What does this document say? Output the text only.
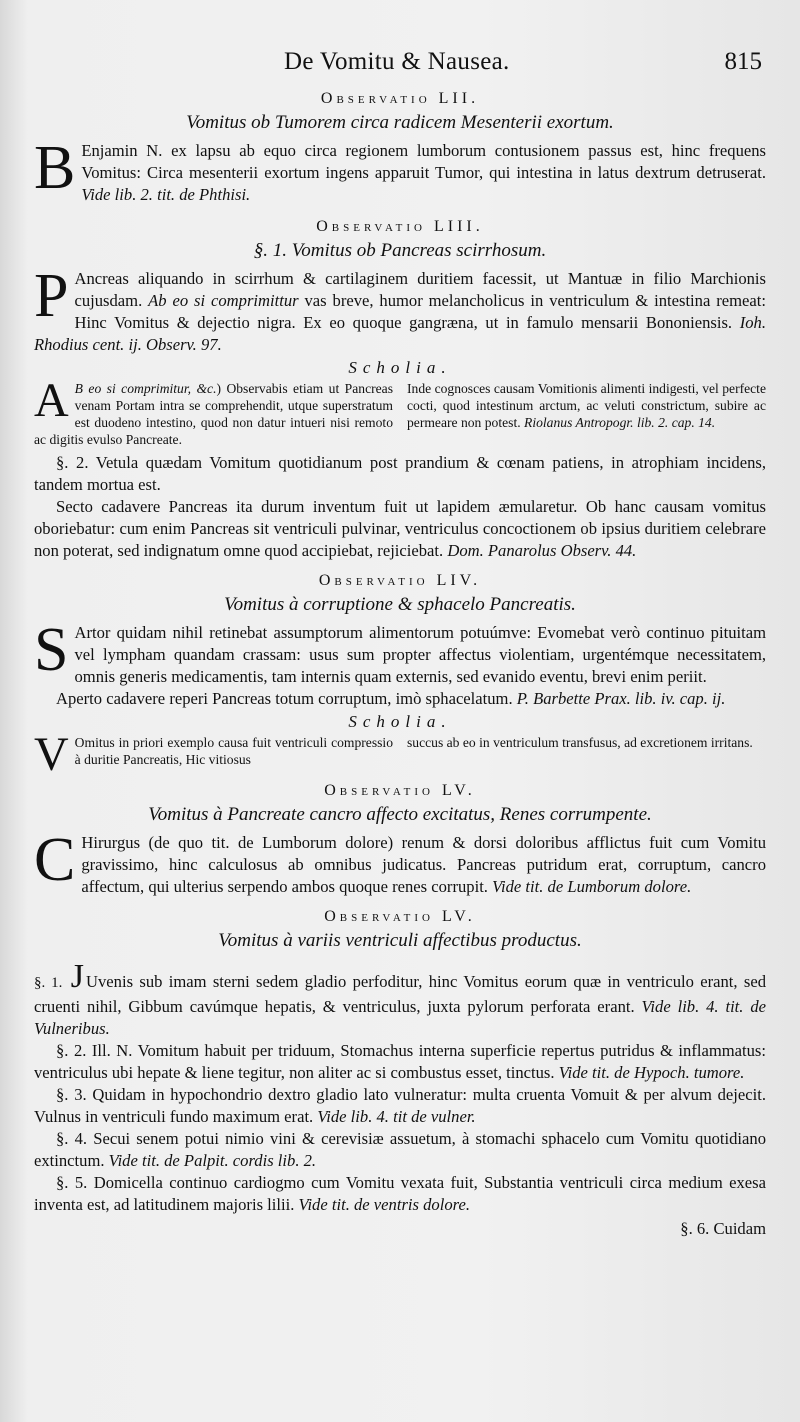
De Vomitu & Nausea.	815
Observatio LII.
Vomitus ob Tumorem circa radicem Mesenterii exortum.

B Enjamin N. ex lapsu ab equo circa regionem lumborum contusionem passus est, hinc frequens Vomitus: Circa mesenterii exortum ingens apparuit Tumor, qui intestina in latus dextrum detruserat. Vide lib. 2. tit. de Phthisi.

Observatio LIII.
§. 1. Vomitus ob Pancreas scirrhosum.

P Ancreas aliquando in scirrhum & cartilaginem duritiem facessit, ut Mantuæ in filio Marchionis cujusdam. Ab eo si comprimittur vas breve, humor melancholicus in ventriculum & intestina remeat: Hinc Vomitus & dejectio nigra. Ex eo quoque gangræna, ut in famulo mensarii Bononiensis. Ioh. Rhodius cent. ij. Observ. 97.

Scholia.
A B eo si comprimitur, &c.) Observabis etiam ut Pancreas venam Portam intra se comprehendit, utque superstratum est duodeno intestino, quod non datur intueri nisi remoto ac digitis evulso Pancreate.
Inde cognosces causam Vomitionis alimenti indigesti, vel perfecte cocti, quod intestinum arctum, ac veluti constrictum, subire ac permeare non potest. Riolanus Antropogr. lib. 2. cap. 14.

§. 2. Vetula quædam Vomitum quotidianum post prandium & cœnam patiens, in atrophiam incidens, tandem mortua est.

Secto cadavere Pancreas ita durum inventum fuit ut lapidem æmularetur. Ob hanc causam vomitus oboriebatur: cum enim Pancreas sit ventriculi pulvinar, ventriculus concoctionem ob ipsius duritiem celebrare non poterat, sed indignatum omne quod accipiebat, rejiciebat. Dom. Panarolus Observ. 44.

Observatio LIV.
Vomitus à corruptione & sphacelo Pancreatis.

S Artor quidam nihil retinebat assumptorum alimentorum potuúmve: Evomebat verò continuo pituitam vel lympham quandam crassam: usus sum propter affectus violentiam, urgentémque necessitatem, omnis generis medicamentis, tam internis quam externis, sed evanido eventu, brevi enim periit.

Aperto cadavere reperi Pancreas totum corruptum, imò sphacelatum. P. Barbette Prax. lib. iv. cap. ij.

Scholia.
V Omitus in priori exemplo causa fuit ventriculi compressio à duritie Pancreatis, Hic vitiosus
succus ab eo in ventriculum transfusus, ad excretionem irritans.
Observatio LV.
Vomitus à Pancreate cancro affecto excitatus, Renes corrumpente.

C Hirurgus (de quo tit. de Lumborum dolore) renum & dorsi doloribus afflictus fuit cum Vomitu gravissimo, hinc calculosus ab omnibus judicatus. Pancreas putridum erat, corruptum, cancro affectum, qui ulterius serpendo ambos quoque renes corrupit. Vide tit. de Lumborum dolore.

Observatio LV.
Vomitus à variis ventriculi affectibus productus.

§. 1. J Uvenis sub imam sterni sedem gladio perfoditur, hinc Vomitus eorum quæ in ventriculo erant, sed cruenti nihil, Gibbum cavúmque hepatis, & ventriculus, juxta pylorum perforata erant. Vide lib. 4. tit. de Vulneribus.

§. 2. Ill. N. Vomitum habuit per triduum, Stomachus interna superficie repertus putridus & inflammatus: ventriculus ubi hepate & liene tegitur, non aliter ac si combustus esset, tinctus. Vide tit. de Hypoch. tumore.

§. 3. Quidam in hypochondrio dextro gladio lato vulneratur: multa cruenta Vomuit & per alvum dejecit. Vulnus in ventriculi fundo maximum erat. Vide lib. 4. tit de vulner.

§. 4. Secui senem potui nimio vini & cerevisiæ assuetum, à stomachi sphacelo cum Vomitu quotidiano extinctum. Vide tit. de Palpit. cordis lib. 2.

§. 5. Domicella continuo cardiogmo cum Vomitu vexata fuit, Substantia ventriculi circa medium exesa inventa est, ad latitudinem majoris lilii. Vide tit. de ventris dolore.

§. 6. Cuidam
